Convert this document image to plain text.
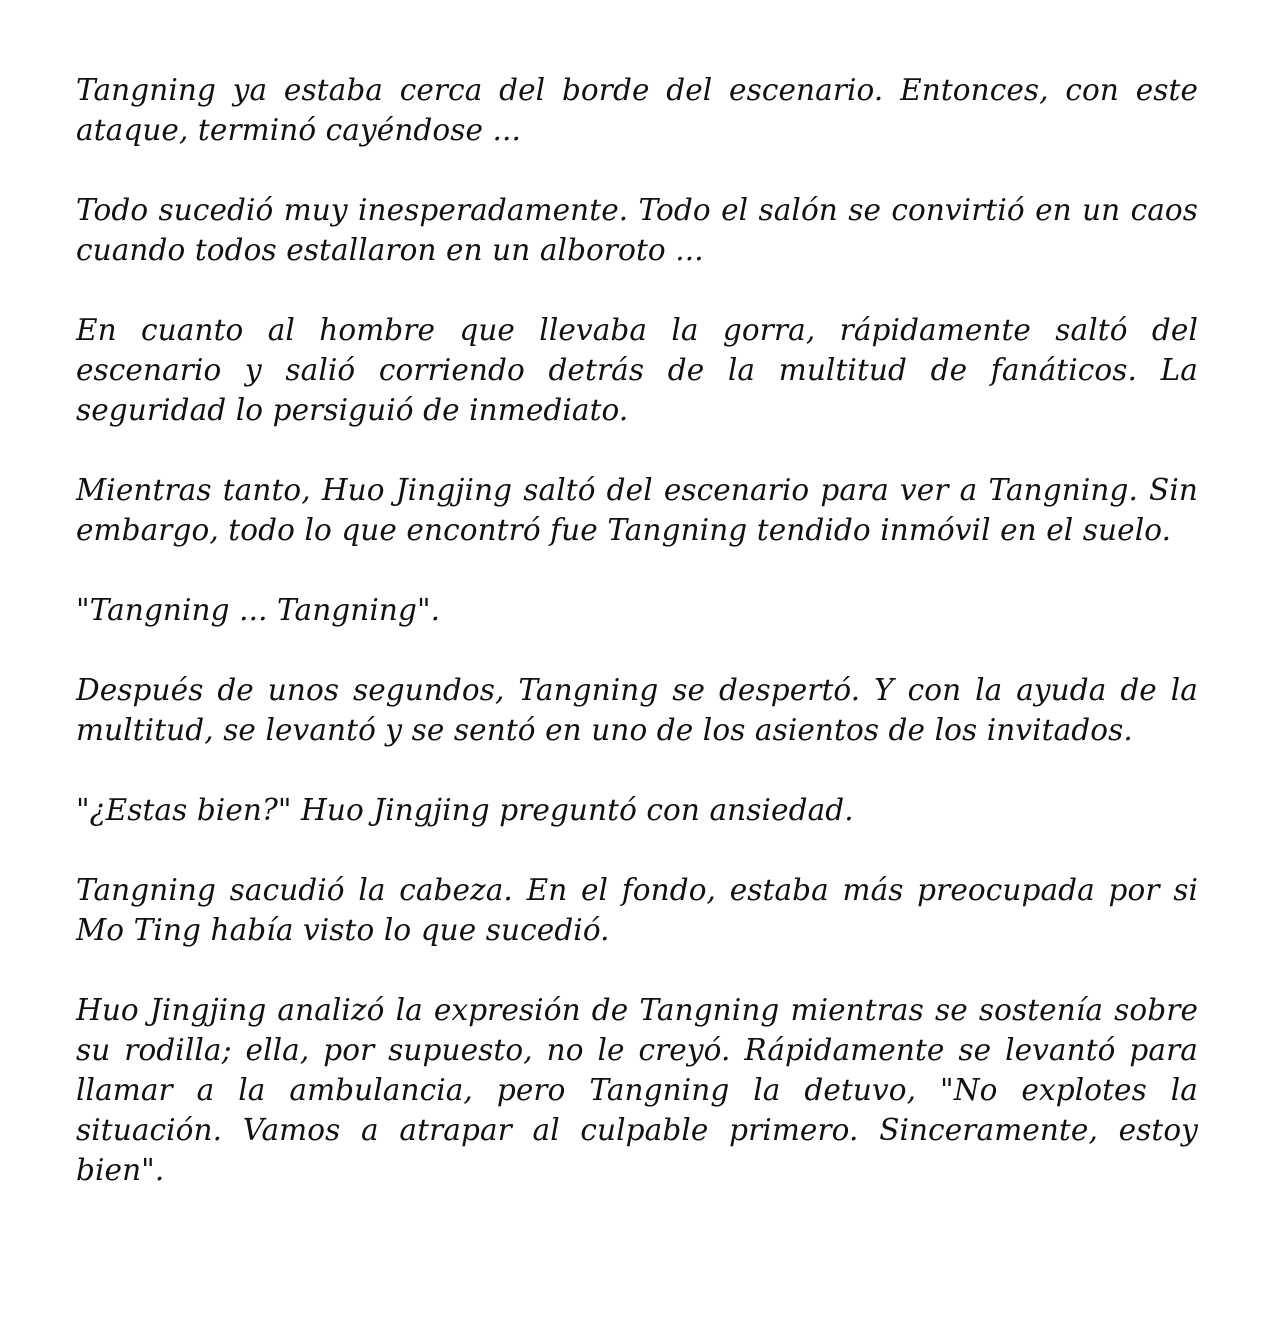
Tangning ya estaba cerca del borde del escenario. Entonces, con este ataque, terminó cayéndose ...

Todo sucedió muy inesperadamente. Todo el salón se convirtió en un caos cuando todos estallaron en un alboroto ...

En cuanto al hombre que llevaba la gorra, rápidamente saltó del escenario y salió corriendo detrás de la multitud de fanáticos. La seguridad lo persiguió de inmediato.

Mientras tanto, Huo Jingjing saltó del escenario para ver a Tangning. Sin embargo, todo lo que encontró fue Tangning tendido inmóvil en el suelo.

"Tangning ... Tangning".

Después de unos segundos, Tangning se despertó. Y con la ayuda de la multitud, se levantó y se sentó en uno de los asientos de los invitados.

"¿Estas bien?" Huo Jingjing preguntó con ansiedad.

Tangning sacudió la cabeza. En el fondo, estaba más preocupada por si Mo Ting había visto lo que sucedió.

Huo Jingjing analizó la expresión de Tangning mientras se sostenía sobre su rodilla; ella, por supuesto, no le creyó. Rápidamente se levantó para llamar a la ambulancia, pero Tangning la detuvo, "No explotes la situación. Vamos a atrapar al culpable primero. Sinceramente, estoy bien".
